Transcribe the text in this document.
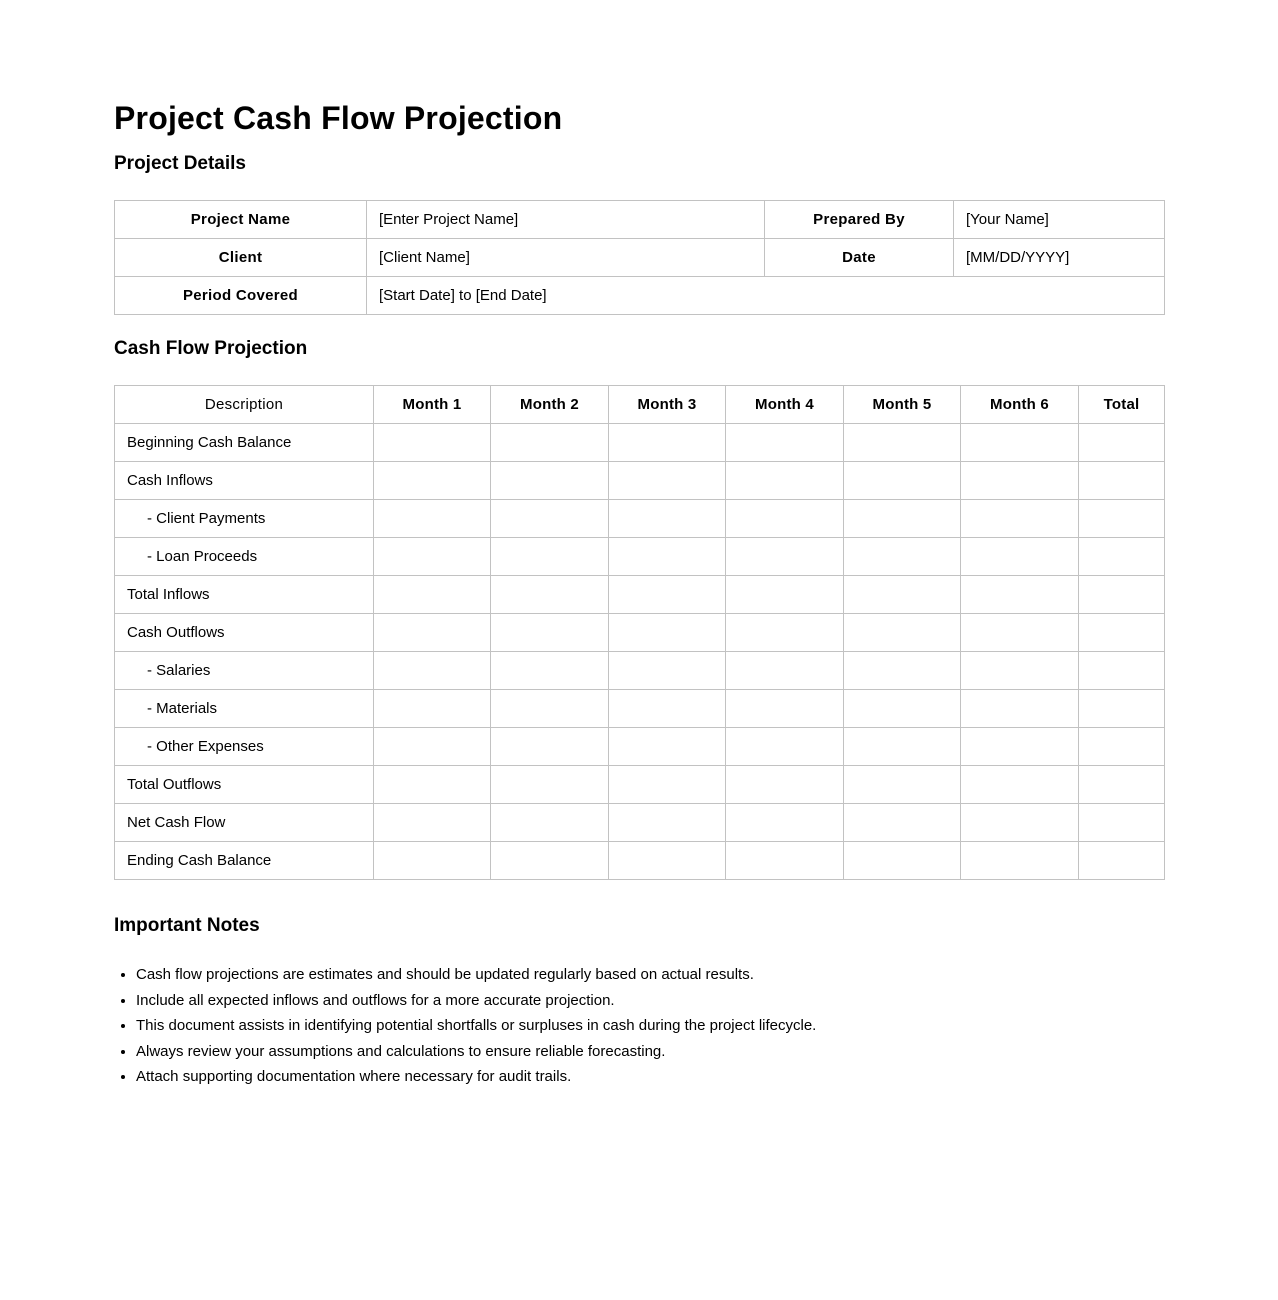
Project Cash Flow Projection
Project Details
Project Name	[Enter Project Name]	Prepared By	[Your Name]
Client	[Client Name]	Date	[MM/DD/YYYY]
Period Covered	[Start Date] to [End Date]		
Cash Flow Projection
Description	Month 1	Month 2	Month 3	Month 4	Month 5	Month 6	Total
Beginning Cash Balance							
Cash Inflows							
- Client Payments							
- Loan Proceeds							
Total Inflows							
Cash Outflows							
- Salaries							
- Materials							
- Other Expenses							
Total Outflows							
Net Cash Flow							
Ending Cash Balance							
Important Notes
• Cash flow projections are estimates and should be updated regularly based on actual results.
• Include all expected inflows and outflows for a more accurate projection.
• This document assists in identifying potential shortfalls or surpluses in cash during the project lifecycle.
• Always review your assumptions and calculations to ensure reliable forecasting.
• Attach supporting documentation where necessary for audit trails.
